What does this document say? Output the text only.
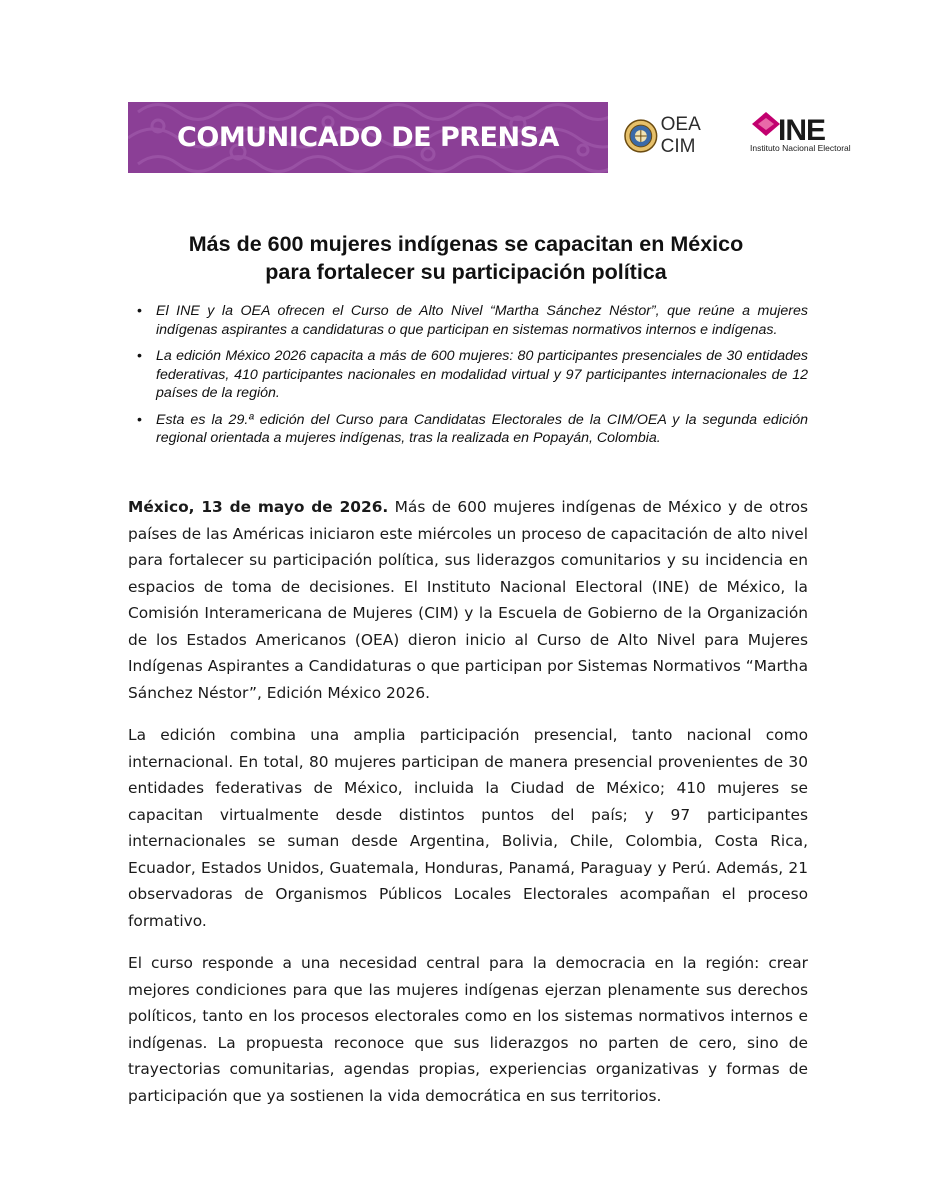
COMUNICADO DE PRENSA	OEA CIM	INE
Instituto Nacional Electoral
Más de 600 mujeres indígenas se capacitan en México
para fortalecer su participación política
• El INE y la OEA ofrecen el Curso de Alto Nivel “Martha Sánchez Néstor”, que reúne a mujeres indígenas aspirantes a candidaturas o que participan en sistemas normativos internos e indígenas.
• La edición México 2026 capacita a más de 600 mujeres: 80 participantes presenciales de 30 entidades federativas, 410 participantes nacionales en modalidad virtual y 97 participantes internacionales de 12 países de la región.
• Esta es la 29.ª edición del Curso para Candidatas Electorales de la CIM/OEA y la segunda edición regional orientada a mujeres indígenas, tras la realizada en Popayán, Colombia.

México, 13 de mayo de 2026. Más de 600 mujeres indígenas de México y de otros países de las Américas iniciaron este miércoles un proceso de capacitación de alto nivel para fortalecer su participación política, sus liderazgos comunitarios y su incidencia en espacios de toma de decisiones. El Instituto Nacional Electoral (INE) de México, la Comisión Interamericana de Mujeres (CIM) y la Escuela de Gobierno de la Organización de los Estados Americanos (OEA) dieron inicio al Curso de Alto Nivel para Mujeres Indígenas Aspirantes a Candidaturas o que participan por Sistemas Normativos “Martha Sánchez Néstor”, Edición México 2026.

La edición combina una amplia participación presencial, tanto nacional como internacional. En total, 80 mujeres participan de manera presencial provenientes de 30 entidades federativas de México, incluida la Ciudad de México; 410 mujeres se capacitan virtualmente desde distintos puntos del país; y 97 participantes internacionales se suman desde Argentina, Bolivia, Chile, Colombia, Costa Rica, Ecuador, Estados Unidos, Guatemala, Honduras, Panamá, Paraguay y Perú. Además, 21 observadoras de Organismos Públicos Locales Electorales acompañan el proceso formativo.

El curso responde a una necesidad central para la democracia en la región: crear mejores condiciones para que las mujeres indígenas ejerzan plenamente sus derechos políticos, tanto en los procesos electorales como en los sistemas normativos internos e indígenas. La propuesta reconoce que sus liderazgos no parten de cero, sino de trayectorias comunitarias, agendas propias, experiencias organizativas y formas de participación que ya sostienen la vida democrática en sus territorios.
